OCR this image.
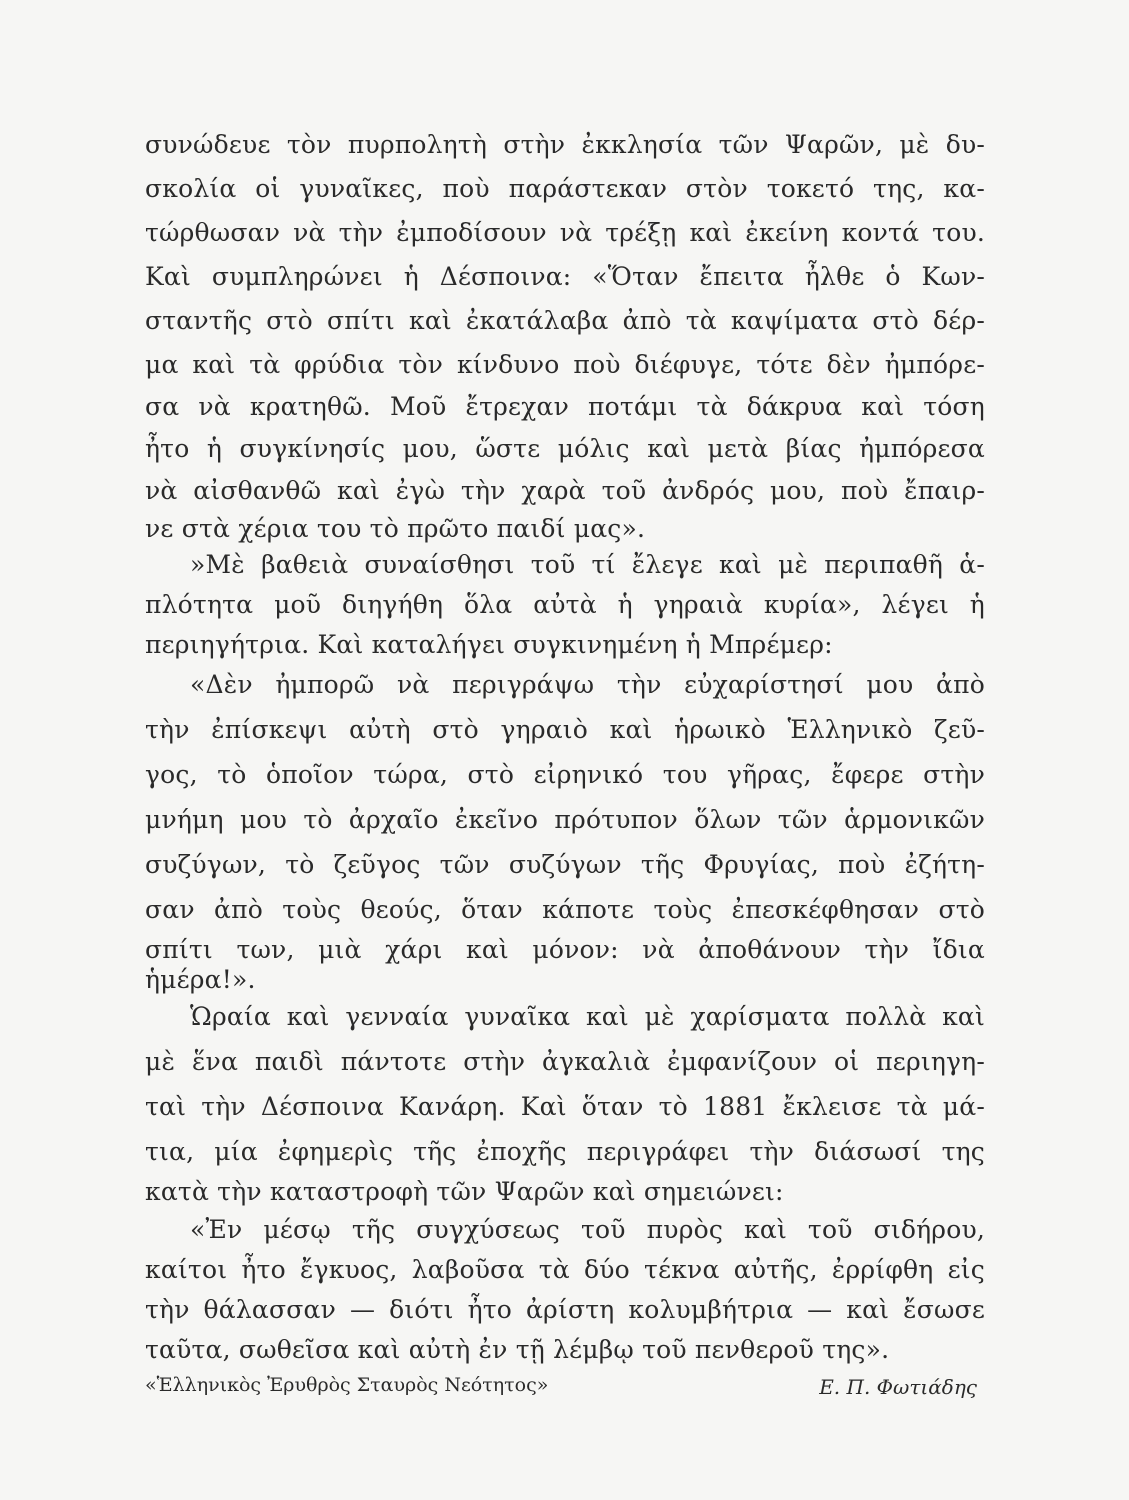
συνώδευε τὸν πυρπολητὴ στὴν ἐκκλησία τῶν Ψαρῶν, μὲ δυ-
σκολία οἱ γυναῖκες, ποὺ παράστεκαν στὸν τοκετό της, κα-
τώρθωσαν νὰ τὴν ἐμποδίσουν νὰ τρέξῃ καὶ ἐκείνη κοντά του.
Καὶ συμπληρώνει ἡ Δέσποινα: «Ὅταν ἔπειτα ἦλθε ὁ Κων-
σταντῆς στὸ σπίτι καὶ ἐκατάλαβα ἀπὸ τὰ καψίματα στὸ δέρ-
μα καὶ τὰ φρύδια τὸν κίνδυνο ποὺ διέφυγε, τότε δὲν ἠμπόρε-
σα νὰ κρατηθῶ. Μοῦ ἔτρεχαν ποτάμι τὰ δάκρυα καὶ τόση
ἦτο ἡ συγκίνησίς μου, ὥστε μόλις καὶ μετὰ βίας ἠμπόρεσα
νὰ αἰσθανθῶ καὶ ἐγὼ τὴν χαρὰ τοῦ ἀνδρός μου, ποὺ ἔπαιρ-
νε στὰ χέρια του τὸ πρῶτο παιδί μας».
»Μὲ βαθειὰ συναίσθησι τοῦ τί ἔλεγε καὶ μὲ περιπαθῆ ἁ-
πλότητα μοῦ διηγήθη ὅλα αὐτὰ ἡ γηραιὰ κυρία», λέγει ἡ
περιηγήτρια. Καὶ καταλήγει συγκινημένη ἡ Μπρέμερ:
«Δὲν ἠμπορῶ νὰ περιγράψω τὴν εὐχαρίστησί μου ἀπὸ
τὴν ἐπίσκεψι αὐτὴ στὸ γηραιὸ καὶ ἡρωικὸ Ἑλληνικὸ ζεῦ-
γος, τὸ ὁποῖον τώρα, στὸ εἰρηνικό του γῆρας, ἔφερε στὴν
μνήμη μου τὸ ἀρχαῖο ἐκεῖνο πρότυπον ὅλων τῶν ἁρμονικῶν
συζύγων, τὸ ζεῦγος τῶν συζύγων τῆς Φρυγίας, ποὺ ἐζήτη-
σαν ἀπὸ τοὺς θεούς, ὅταν κάποτε τοὺς ἐπεσκέφθησαν στὸ
σπίτι των, μιὰ χάρι καὶ μόνον: νὰ ἀποθάνουν τὴν ἴδια
ἡμέρα!».
Ὡραία καὶ γενναία γυναῖκα καὶ μὲ χαρίσματα πολλὰ καὶ
μὲ ἕνα παιδὶ πάντοτε στὴν ἀγκαλιὰ ἐμφανίζουν οἱ περιηγη-
ταὶ τὴν Δέσποινα Κανάρη. Καὶ ὅταν τὸ 1881 ἔκλεισε τὰ μά-
τια, μία ἐφημερὶς τῆς ἐποχῆς περιγράφει τὴν διάσωσί της
κατὰ τὴν καταστροφὴ τῶν Ψαρῶν καὶ σημειώνει:
«Ἐν μέσῳ τῆς συγχύσεως τοῦ πυρὸς καὶ τοῦ σιδήρου,
καίτοι ἦτο ἔγκυος, λαβοῦσα τὰ δύο τέκνα αὐτῆς, ἐρρίφθη εἰς
τὴν θάλασσαν — διότι ἦτο ἀρίστη κολυμβήτρια — καὶ ἔσωσε
ταῦτα, σωθεῖσα καὶ αὐτὴ ἐν τῇ λέμβῳ τοῦ πενθεροῦ της».
«Ἑλληνικὸς Ἐρυθρὸς Σταυρὸς Νεότητος»	Ε. Π. Φωτιάδης
